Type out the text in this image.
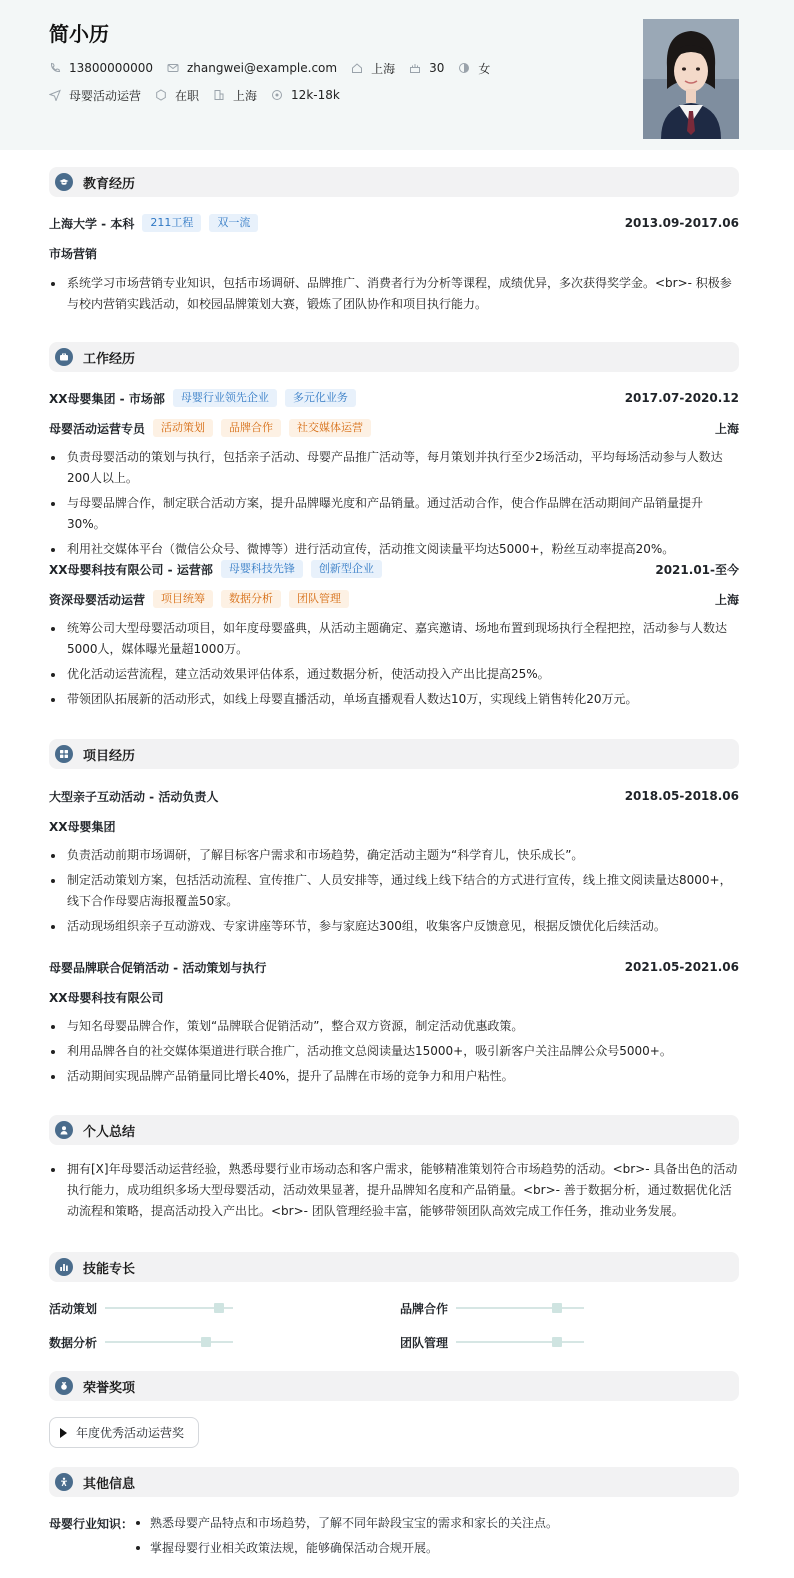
简小历
13800000000	zhangwei@example.com	上海	30	女
母婴活动运营	在职	上海	12k-18k
教育经历
上海大学 - 本科	211工程	双一流	2013.09-2017.06
市场营销
系统学习市场营销专业知识，包括市场调研、品牌推广、消费者行为分析等课程，成绩优异，多次获得奖学金。<br>- 积极参与校内营销实践活动，如校园品牌策划大赛，锻炼了团队协作和项目执行能力。
工作经历
XX母婴集团 - 市场部	母婴行业领先企业	多元化业务	2017.07-2020.12
母婴活动运营专员	活动策划	品牌合作	社交媒体运营	上海
负责母婴活动的策划与执行，包括亲子活动、母婴产品推广活动等，每月策划并执行至少2场活动，平均每场活动参与人数达200人以上。
与母婴品牌合作，制定联合活动方案，提升品牌曝光度和产品销量。通过活动合作，使合作品牌在活动期间产品销量提升30%。
利用社交媒体平台（微信公众号、微博等）进行活动宣传，活动推文阅读量平均达5000+，粉丝互动率提高20%。
XX母婴科技有限公司 - 运营部	母婴科技先锋	创新型企业	2021.01-至今
资深母婴活动运营	项目统筹	数据分析	团队管理	上海
统筹公司大型母婴活动项目，如年度母婴盛典，从活动主题确定、嘉宾邀请、场地布置到现场执行全程把控，活动参与人数达5000人，媒体曝光量超1000万。
优化活动运营流程，建立活动效果评估体系，通过数据分析，使活动投入产出比提高25%。
带领团队拓展新的活动形式，如线上母婴直播活动，单场直播观看人数达10万，实现线上销售转化20万元。
项目经历
大型亲子互动活动 - 活动负责人	2018.05-2018.06
XX母婴集团
负责活动前期市场调研，了解目标客户需求和市场趋势，确定活动主题为“科学育儿，快乐成长”。
制定活动策划方案，包括活动流程、宣传推广、人员安排等，通过线上线下结合的方式进行宣传，线上推文阅读量达8000+，线下合作母婴店海报覆盖50家。
活动现场组织亲子互动游戏、专家讲座等环节，参与家庭达300组，收集客户反馈意见，根据反馈优化后续活动。
母婴品牌联合促销活动 - 活动策划与执行	2021.05-2021.06
XX母婴科技有限公司
与知名母婴品牌合作，策划“品牌联合促销活动”，整合双方资源，制定活动优惠政策。
利用品牌各自的社交媒体渠道进行联合推广，活动推文总阅读量达15000+，吸引新客户关注品牌公众号5000+。
活动期间实现品牌产品销量同比增长40%，提升了品牌在市场的竞争力和用户粘性。
个人总结
拥有[X]年母婴活动运营经验，熟悉母婴行业市场动态和客户需求，能够精准策划符合市场趋势的活动。<br>- 具备出色的活动执行能力，成功组织多场大型母婴活动，活动效果显著，提升品牌知名度和产品销量。<br>- 善于数据分析，通过数据优化活动流程和策略，提高活动投入产出比。<br>- 团队管理经验丰富，能够带领团队高效完成工作任务，推动业务发展。
技能专长
活动策划	品牌合作
数据分析	团队管理
荣誉奖项
年度优秀活动运营奖
其他信息
母婴行业知识：	熟悉母婴产品特点和市场趋势，了解不同年龄段宝宝的需求和家长的关注点。
掌握母婴行业相关政策法规，能够确保活动合规开展。
